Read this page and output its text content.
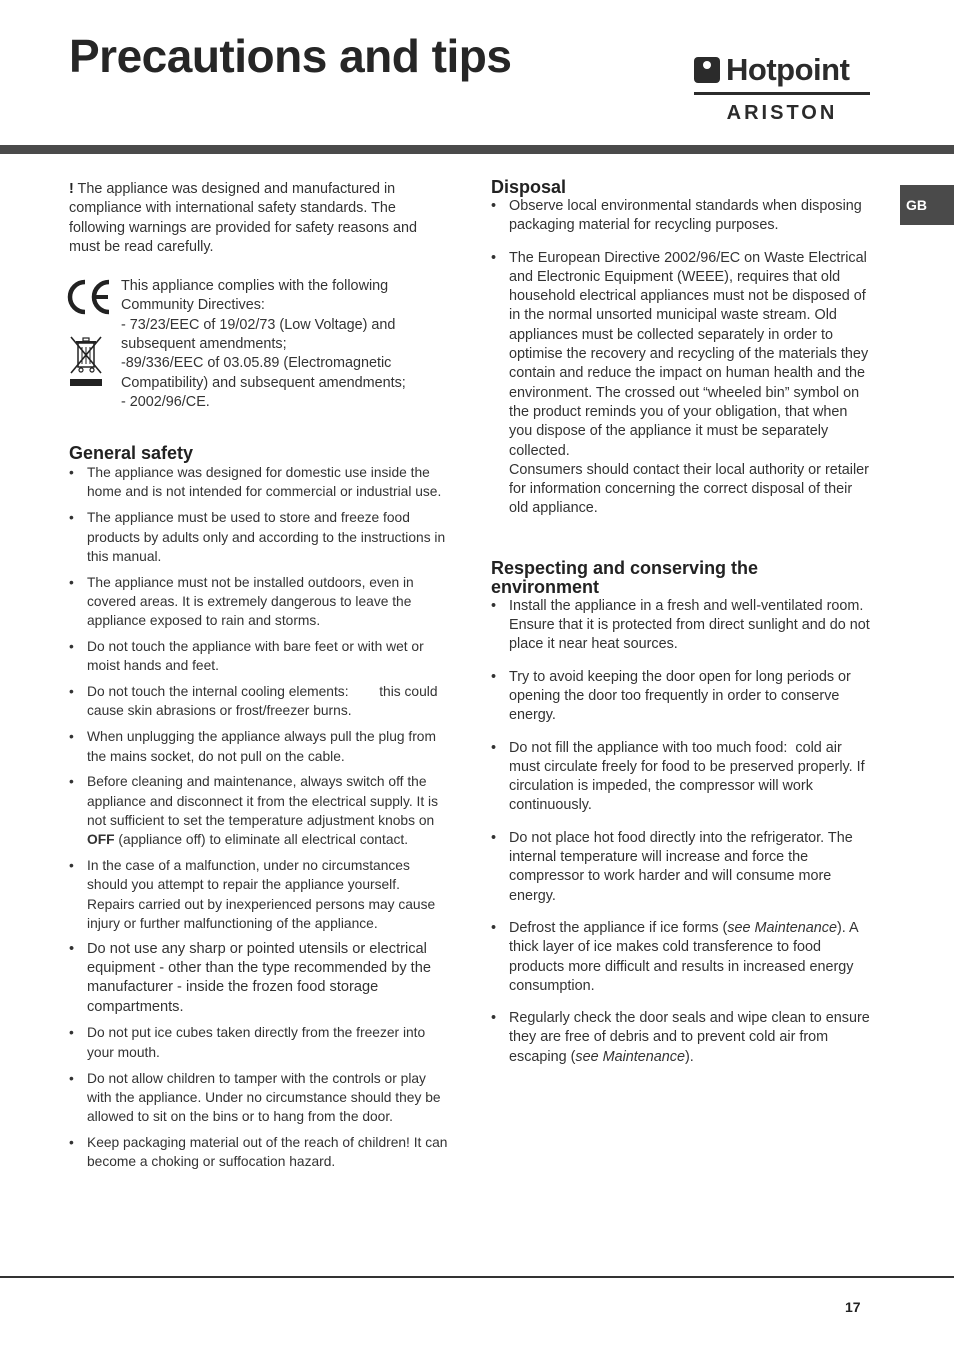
Precautions and tips	Hotpoint
ARISTON
GB

! The appliance was designed and manufactured in compliance with international safety standards. The following warnings are provided for safety reasons and must be read carefully.

This appliance complies with the following
Community Directives:
- 73/23/EEC of 19/02/73 (Low Voltage) and
subsequent amendments;
-89/336/EEC of 03.05.89 (Electromagnetic
Compatibility) and subsequent amendments;
- 2002/96/CE.

General safety
• The appliance was designed for domestic use inside the home and is not intended for commercial or industrial use.
• The appliance must be used to store and freeze food products by adults only and according to the instructions in this manual.
• The appliance must not be installed outdoors, even in covered areas. It is extremely dangerous to leave the appliance exposed to rain and storms.
• Do not touch the appliance with bare feet or with wet or moist hands and feet.
• Do not touch the internal cooling elements:        this could cause skin abrasions or frost/freezer burns.
• When unplugging the appliance always pull the plug from the mains socket, do not pull on the cable.
• Before cleaning and maintenance, always switch off the appliance and disconnect it from the electrical supply. It is not sufficient to set the temperature adjustment knobs on OFF (appliance off) to eliminate all electrical contact.
• In the case of a malfunction, under no circumstances should you attempt to repair the appliance yourself. Repairs carried out by inexperienced persons may cause injury or further malfunctioning of the appliance.
• Do not use any sharp or pointed utensils or electrical equipment - other than the type recommended by the manufacturer - inside the frozen food storage compartments.
• Do not put ice cubes taken directly from the freezer into your mouth.
• Do not allow children to tamper with the controls or play with the appliance. Under no circumstance should they be allowed to sit on the bins or to hang from the door.
• Keep packaging material out of the reach of children! It can become a choking or suffocation hazard.
Disposal
• Observe local environmental standards when disposing packaging material for recycling purposes.
• The European Directive 2002/96/EC on Waste Electrical and Electronic Equipment (WEEE), requires that old household electrical appliances must not be disposed of in the normal unsorted municipal waste stream. Old appliances must be collected separately in order to optimise the recovery and recycling of the materials they contain and reduce the impact on human health and the environment. The crossed out “wheeled bin” symbol on the product reminds you of your obligation, that when you dispose of the appliance it must be separately collected.
Consumers should contact their local authority or retailer for information concerning the correct disposal of their old appliance.
Respecting and conserving the environment
• Install the appliance in a fresh and well-ventilated room. Ensure that it is protected from direct sunlight and do not place it near heat sources.
• Try to avoid keeping the door open for long periods or opening the door too frequently in order to conserve energy.
• Do not fill the appliance with too much food:  cold air must circulate freely for food to be preserved properly. If circulation is impeded, the compressor will work continuously.
• Do not place hot food directly into the refrigerator. The internal temperature will increase and force the compressor to work harder and will consume more energy.
• Defrost the appliance if ice forms (see Maintenance). A thick layer of ice makes cold transference to food products more difficult and results in increased energy consumption.
• Regularly check the door seals and wipe clean to ensure they are free of debris and to prevent cold air from escaping (see Maintenance).
17
